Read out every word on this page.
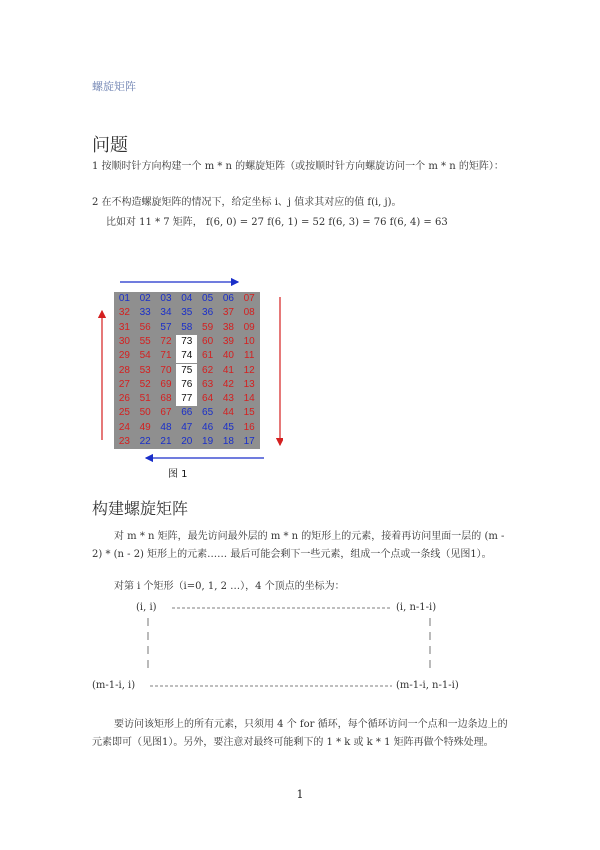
螺旋矩阵
问题
1 按顺时针方向构建一个 m * n 的螺旋矩阵（或按顺时针方向螺旋访问一个 m * n 的矩阵）：
2 在不构造螺旋矩阵的情况下，给定坐标 i、j 值求其对应的值 f(i, j)。
比如对 11 * 7 矩阵， f(6, 0) = 27 f(6, 1) = 52 f(6, 3) = 76 f(6, 4) = 63
01 02 03 04 05 06 07
32 33 34 35 36 37 08
31 56 57 58 59 38 09
30 55 72 73 60 39 10
29 54 71 74 61 40	11
28 53 70 75 62 41 12
27 52 69 76 63 42 13
26 51 68 77 64 43 14
25 50 67 66 65 44 15
24 49 48 47 46 45 16
23 22 21 20 19 18 17
图 1
构建螺旋矩阵
对 m * n 矩阵，最先访问最外层的 m * n 的矩形上的元素，接着再访问里面一层的 (m - 2) * (n - 2) 矩形上的元素…… 最后可能会剩下一些元素，组成一个点或一条线（见图1）。
对第 i 个矩形（i=0, 1, 2 …），4 个顶点的坐标为：
(i, i)	(i, n-1-i)
(m-1-i, i)	(m-1-i, n-1-i)
要访问该矩形上的所有元素，只须用 4 个 for 循环，每个循环访问一个点和一边条边上的元素即可（见图1）。另外，要注意对最终可能剩下的 1 * k 或 k * 1 矩阵再做个特殊处理。
1
